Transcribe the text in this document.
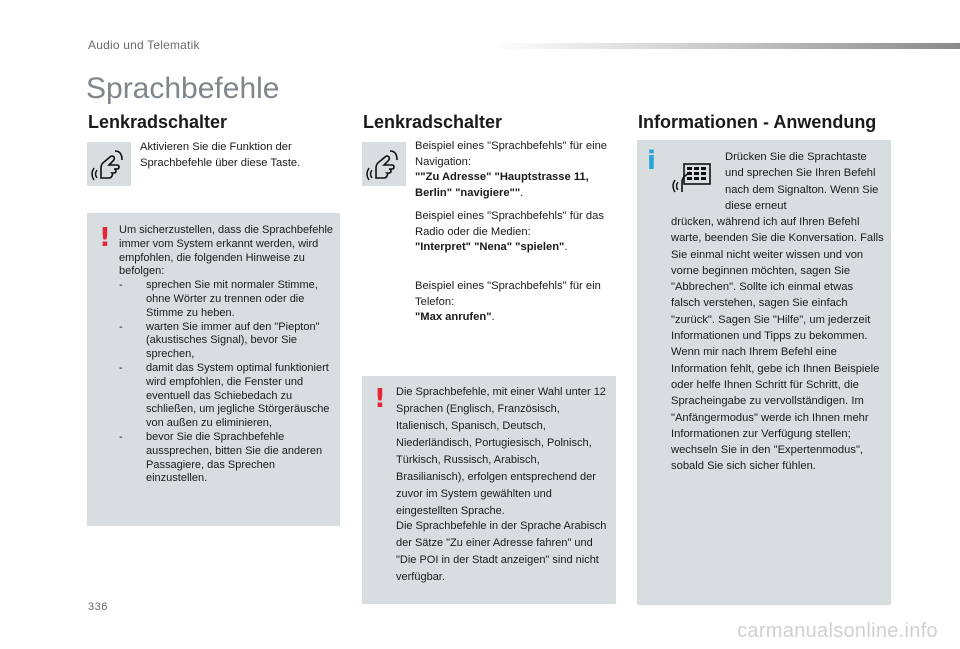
Audio und Telematik
Sprachbefehle
Lenkradschalter
Aktivieren Sie die Funktion der Sprachbefehle über diese Taste.
! Um sicherzustellen, dass die Sprachbefehle immer vom System erkannt werden, wird empfohlen, die folgenden Hinweise zu befolgen:
-	sprechen Sie mit normaler Stimme, ohne Wörter zu trennen oder die Stimme zu heben.
-	warten Sie immer auf den "Piepton" (akustisches Signal), bevor Sie sprechen,
-	damit das System optimal funktioniert wird empfohlen, die Fenster und eventuell das Schiebedach zu schließen, um jegliche Störgeräusche von außen zu eliminieren,
-	bevor Sie die Sprachbefehle aussprechen, bitten Sie die anderen Passagiere, das Sprechen einzustellen.
Lenkradschalter
Beispiel eines "Sprachbefehls" für eine Navigation:
""Zu Adresse" "Hauptstrasse 11, Berlin" "navigiere"".
Beispiel eines "Sprachbefehls" für das Radio oder die Medien:
"Interpret" "Nena" "spielen".
Beispiel eines "Sprachbefehls" für ein Telefon:
"Max anrufen".
! Die Sprachbefehle, mit einer Wahl unter 12 Sprachen (Englisch, Französisch, Italienisch, Spanisch, Deutsch, Niederländisch, Portugiesisch, Polnisch, Türkisch, Russisch, Arabisch, Brasilianisch), erfolgen entsprechend der zuvor im System gewählten und eingestellten Sprache.
Die Sprachbefehle in der Sprache Arabisch der Sätze "Zu einer Adresse fahren" und "Die POI in der Stadt anzeigen" sind nicht verfügbar.
Informationen - Anwendung
i	Drücken Sie die Sprachtaste und sprechen Sie Ihren Befehl nach dem Signalton. Wenn Sie diese erneut
drücken, während ich auf Ihren Befehl warte, beenden Sie die Konversation. Falls Sie einmal nicht weiter wissen und von vorne beginnen möchten, sagen Sie "Abbrechen". Sollte ich einmal etwas falsch verstehen, sagen Sie einfach "zurück". Sagen Sie "Hilfe", um jederzeit Informationen und Tipps zu bekommen. Wenn mir nach Ihrem Befehl eine Information fehlt, gebe ich Ihnen Beispiele oder helfe Ihnen Schritt für Schritt, die Spracheingabe zu vervollständigen. Im "Anfängermodus" werde ich Ihnen mehr Informationen zur Verfügung stellen; wechseln Sie in den "Expertenmodus", sobald Sie sich sicher fühlen.
336
carmanualsonline.info
